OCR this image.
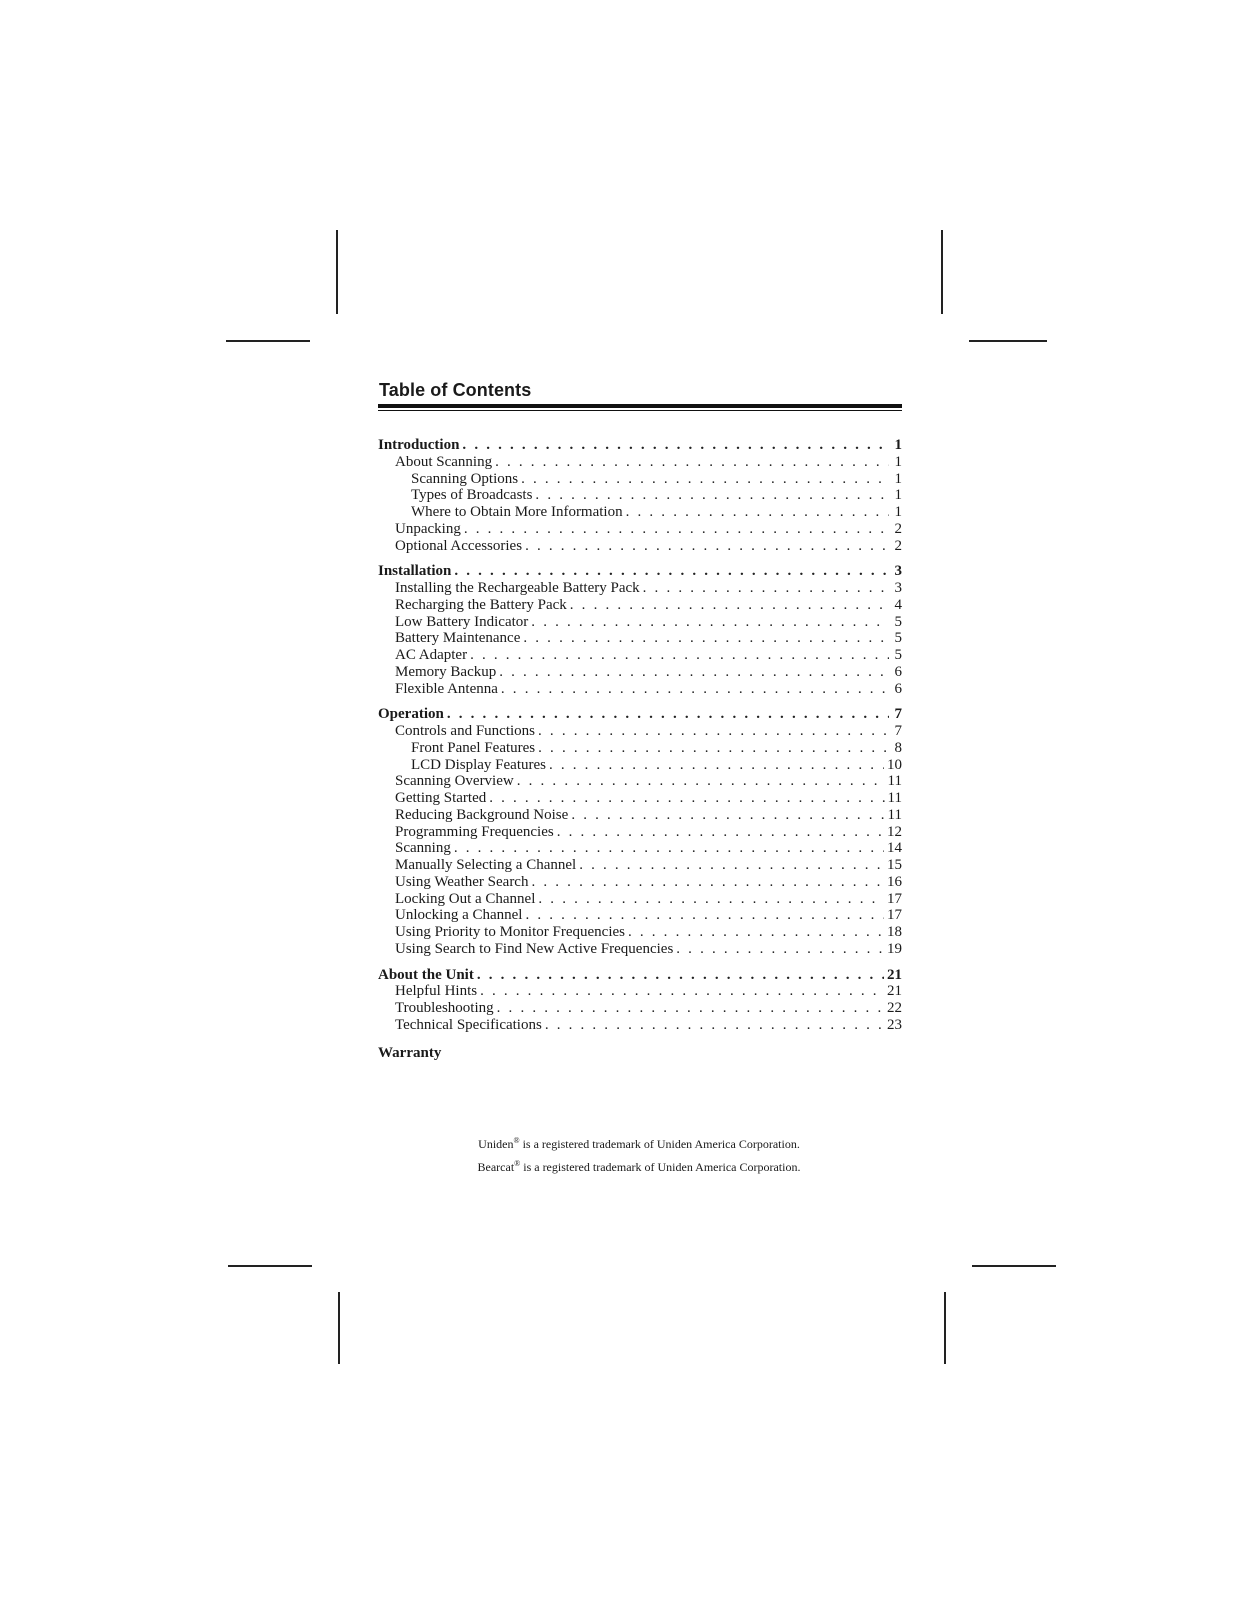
Table of Contents
Introduction . . .	1
About Scanning . . .	1
Scanning Options . . .	1
Types of Broadcasts . . .	1
Where to Obtain More Information . . .	1
Unpacking . . .	2
Optional Accessories . . .	2
Installation . . .	3
Installing the Rechargeable Battery Pack . . .	3
Recharging the Battery Pack . . .	4
Low Battery Indicator . . .	5
Battery Maintenance . . .	5
AC Adapter . . .	5
Memory Backup . . .	6
Flexible Antenna . . .	6
Operation . . .	7
Controls and Functions . . .	7
Front Panel Features . . .	8
LCD Display Features . . .	10
Scanning Overview . . .	11
Getting Started . . .	11
Reducing Background Noise . . .	11
Programming Frequencies . . .	12
Scanning . . .	14
Manually Selecting a Channel . . .	15
Using Weather Search . . .	16
Locking Out a Channel . . .	17
Unlocking a Channel . . .	17
Using Priority to Monitor Frequencies . . .	18
Using Search to Find New Active Frequencies . . .	19
About the Unit . . .	21
Helpful Hints . . .	21
Troubleshooting . . .	22
Technical Specifications . . .	23
Warranty
Uniden® is a registered trademark of Uniden America Corporation.
Bearcat® is a registered trademark of Uniden America Corporation.
